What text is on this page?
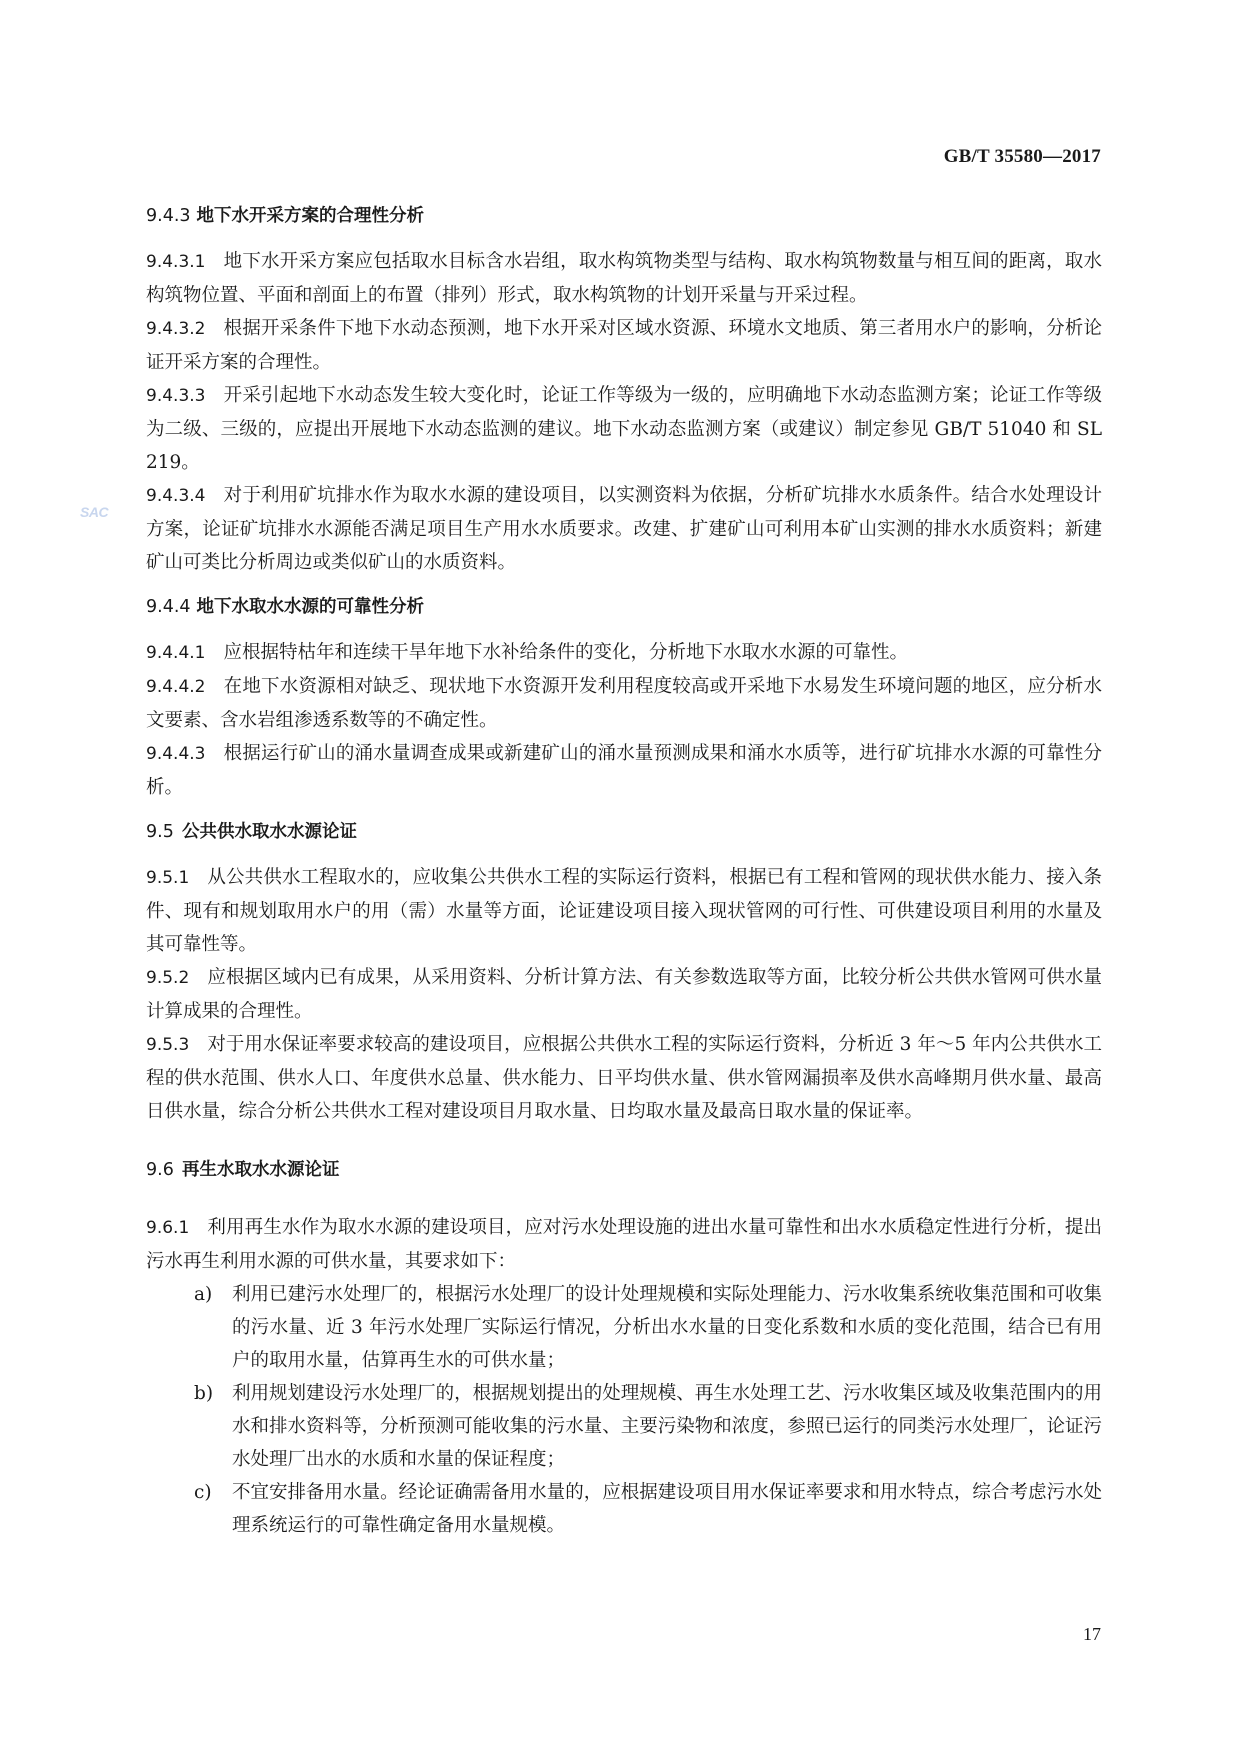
GB/T 35580—2017
SAC
9.4.3 地下水开采方案的合理性分析

9.4.3.1 地下水开采方案应包括取水目标含水岩组，取水构筑物类型与结构、取水构筑物数量与相互间的距离，取水构筑物位置、平面和剖面上的布置（排列）形式，取水构筑物的计划开采量与开采过程。

9.4.3.2 根据开采条件下地下水动态预测，地下水开采对区域水资源、环境水文地质、第三者用水户的影响，分析论证开采方案的合理性。

9.4.3.3 开采引起地下水动态发生较大变化时，论证工作等级为一级的，应明确地下水动态监测方案；论证工作等级为二级、三级的，应提出开展地下水动态监测的建议。地下水动态监测方案（或建议）制定参见 GB/T 51040 和 SL 219。

9.4.3.4 对于利用矿坑排水作为取水水源的建设项目，以实测资料为依据，分析矿坑排水水质条件。结合水处理设计方案，论证矿坑排水水源能否满足项目生产用水水质要求。改建、扩建矿山可利用本矿山实测的排水水质资料；新建矿山可类比分析周边或类似矿山的水质资料。

9.4.4 地下水取水水源的可靠性分析

9.4.4.1 应根据特枯年和连续干旱年地下水补给条件的变化，分析地下水取水水源的可靠性。

9.4.4.2 在地下水资源相对缺乏、现状地下水资源开发利用程度较高或开采地下水易发生环境问题的地区，应分析水文要素、含水岩组渗透系数等的不确定性。

9.4.4.3 根据运行矿山的涌水量调查成果或新建矿山的涌水量预测成果和涌水水质等，进行矿坑排水水源的可靠性分析。

9.5 公共供水取水水源论证

9.5.1 从公共供水工程取水的，应收集公共供水工程的实际运行资料，根据已有工程和管网的现状供水能力、接入条件、现有和规划取用水户的用（需）水量等方面，论证建设项目接入现状管网的可行性、可供建设项目利用的水量及其可靠性等。

9.5.2 应根据区域内已有成果，从采用资料、分析计算方法、有关参数选取等方面，比较分析公共供水管网可供水量计算成果的合理性。

9.5.3 对于用水保证率要求较高的建设项目，应根据公共供水工程的实际运行资料，分析近 3 年～5 年内公共供水工程的供水范围、供水人口、年度供水总量、供水能力、日平均供水量、供水管网漏损率及供水高峰期月供水量、最高日供水量，综合分析公共供水工程对建设项目月取水量、日均取水量及最高日取水量的保证率。

9.6 再生水取水水源论证

9.6.1 利用再生水作为取水水源的建设项目，应对污水处理设施的进出水量可靠性和出水水质稳定性进行分析，提出污水再生利用水源的可供水量，其要求如下：

a) 利用已建污水处理厂的，根据污水处理厂的设计处理规模和实际处理能力、污水收集系统收集范围和可收集的污水量、近 3 年污水处理厂实际运行情况，分析出水水量的日变化系数和水质的变化范围，结合已有用户的取用水量，估算再生水的可供水量；

b) 利用规划建设污水处理厂的，根据规划提出的处理规模、再生水处理工艺、污水收集区域及收集范围内的用水和排水资料等，分析预测可能收集的污水量、主要污染物和浓度，参照已运行的同类污水处理厂，论证污水处理厂出水的水质和水量的保证程度；

c) 不宜安排备用水量。经论证确需备用水量的，应根据建设项目用水保证率要求和用水特点，综合考虑污水处理系统运行的可靠性确定备用水量规模。

17
